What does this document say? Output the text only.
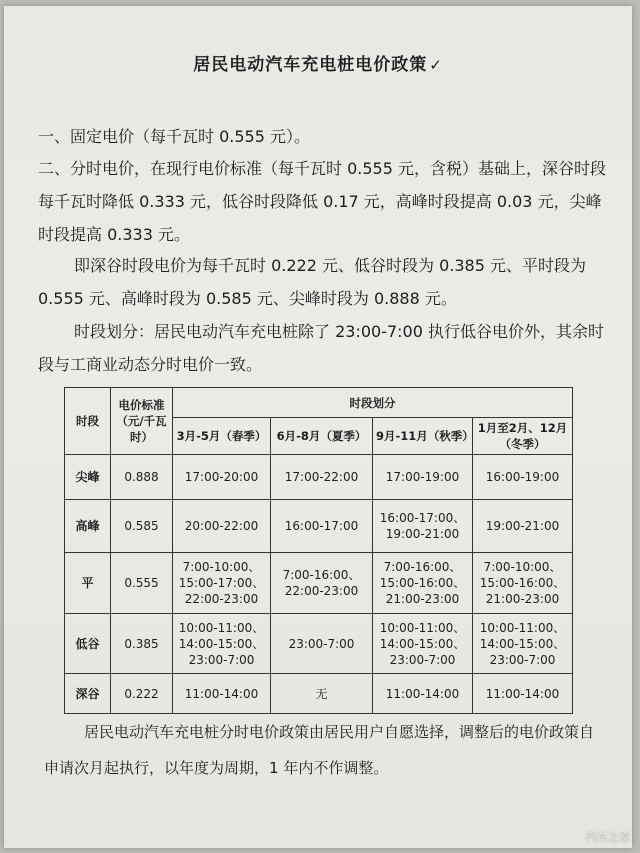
居民电动汽车充电桩电价政策 ✓
一、固定电价（每千瓦时 0.555 元）。
二、分时电价，在现行电价标准（每千瓦时 0.555 元，含税）基础上，深谷时段每千瓦时降低 0.333 元，低谷时段降低 0.17 元，高峰时段提高 0.03 元，尖峰时段提高 0.333 元。
即深谷时段电价为每千瓦时 0.222 元、低谷时段为 0.385 元、平时段为 0.555 元、高峰时段为 0.585 元、尖峰时段为 0.888 元。
时段划分：居民电动汽车充电桩除了 23:00-7:00 执行低谷电价外，其余时段与工商业动态分时电价一致。
时段	电价标准（元/千瓦时）	时段划分			
		3月-5月（春季）	6月-8月（夏季）	9月-11月（秋季）	1月至2月、12月（冬季）
尖峰	0.888	17:00-20:00	17:00-22:00	17:00-19:00	16:00-19:00
高峰	0.585	20:00-22:00	16:00-17:00	16:00-17:00、
19:00-21:00	19:00-21:00
平	0.555	7:00-10:00、
15:00-17:00、
22:00-23:00	7:00-16:00、
22:00-23:00	7:00-16:00、
15:00-16:00、
21:00-23:00	7:00-10:00、
15:00-16:00、
21:00-23:00
低谷	0.385	10:00-11:00、
14:00-15:00、
23:00-7:00	23:00-7:00	10:00-11:00、
14:00-15:00、
23:00-7:00	10:00-11:00、
14:00-15:00、
23:00-7:00
深谷	0.222	11:00-14:00	无	11:00-14:00	11:00-14:00
居民电动汽车充电桩分时电价政策由居民用户自愿选择，调整后的电价政策自申请次月起执行，以年度为周期，1 年内不作调整。
汽车之家
